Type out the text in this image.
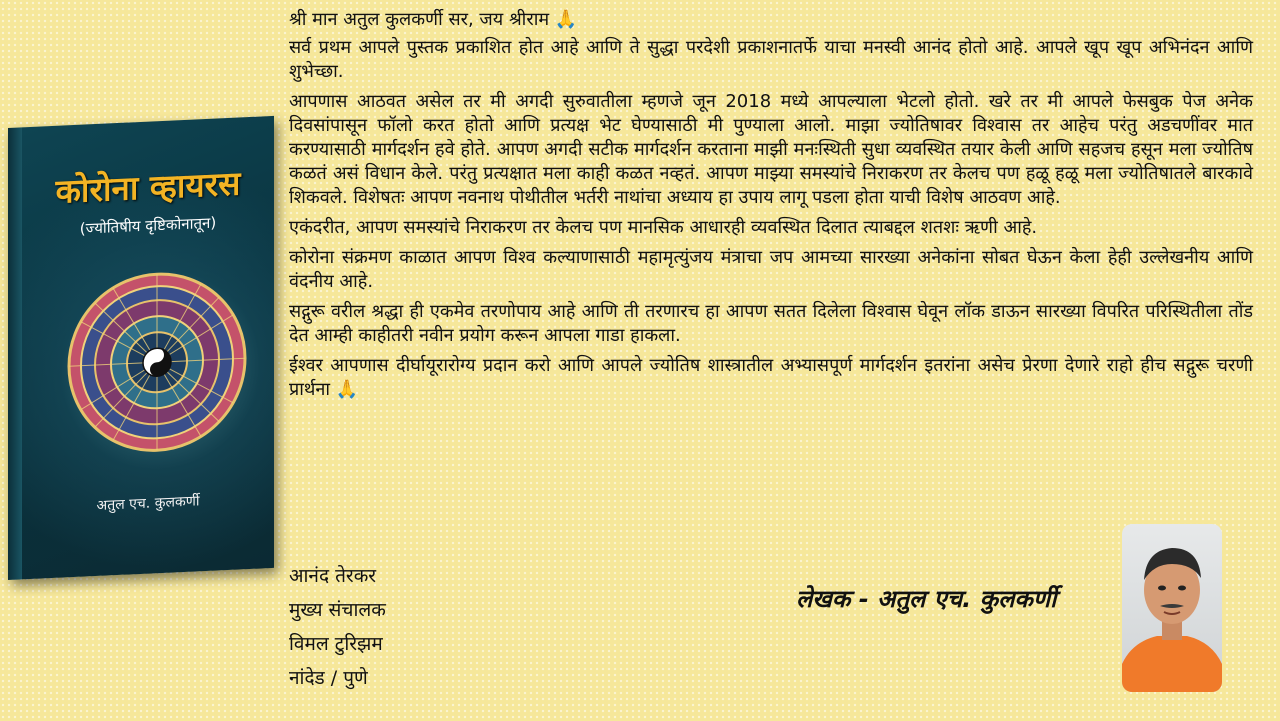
कोरोना व्हायरस
(ज्योतिषीय दृष्टिकोनातून)
अतुल एच. कुलकर्णी
श्री मान अतुल कुलकर्णी सर, जय श्रीराम 🙏

सर्व प्रथम आपले पुस्तक प्रकाशित होत आहे आणि ते सुद्धा परदेशी प्रकाशनातर्फे याचा मनस्वी आनंद होतो आहे. आपले खूप खूप अभिनंदन आणि शुभेच्छा.

आपणास आठवत असेल तर मी अगदी सुरुवातीला म्हणजे जून 2018 मध्ये आपल्याला भेटलो होतो. खरे तर मी आपले फेसबुक पेज अनेक दिवसांपासून फॉलो करत होतो आणि प्रत्यक्ष भेट घेण्यासाठी मी पुण्याला आलो. माझा ज्योतिषावर विश्वास तर आहेच परंतु अडचणींवर मात करण्यासाठी मार्गदर्शन हवे होते. आपण अगदी सटीक मार्गदर्शन करताना माझी मनःस्थिती सुधा व्यवस्थित तयार केली आणि सहजच हसून मला ज्योतिष कळतं असं विधान केले. परंतु प्रत्यक्षात मला काही कळत नव्हतं. आपण माझ्या समस्यांचे निराकरण तर केलच पण हळू हळू मला ज्योतिषातले बारकावे शिकवले. विशेषतः आपण नवनाथ पोथीतील भर्तरी नाथांचा अध्याय हा उपाय लागू पडला होता याची विशेष आठवण आहे.

एकंदरीत, आपण समस्यांचे निराकरण तर केलच पण मानसिक आधारही व्यवस्थित दिलात त्याबद्दल शतशः ऋणी आहे.

कोरोना संक्रमण काळात आपण विश्व कल्याणासाठी महामृत्युंजय मंत्राचा जप आमच्या सारख्या अनेकांना सोबत घेऊन केला हेही उल्लेखनीय आणि वंदनीय आहे.

सद्गुरू वरील श्रद्धा ही एकमेव तरणोपाय आहे आणि ती तरणारच हा आपण सतत दिलेला विश्वास घेवून लॉक डाऊन सारख्या विपरित परिस्थितीला तोंड देत आम्ही काहीतरी नवीन प्रयोग करून आपला गाडा हाकला.

ईश्वर आपणास दीर्घायूरारोग्य प्रदान करो आणि आपले ज्योतिष शास्त्रातील अभ्यासपूर्ण मार्गदर्शन इतरांना असेच प्रेरणा देणारे राहो हीच सद्गुरू चरणी प्रार्थना 🙏

आनंद तेरकर
मुख्य संचालक
विमल टुरिझम
नांदेड / पुणे
लेखक - अतुल एच. कुलकर्णी
